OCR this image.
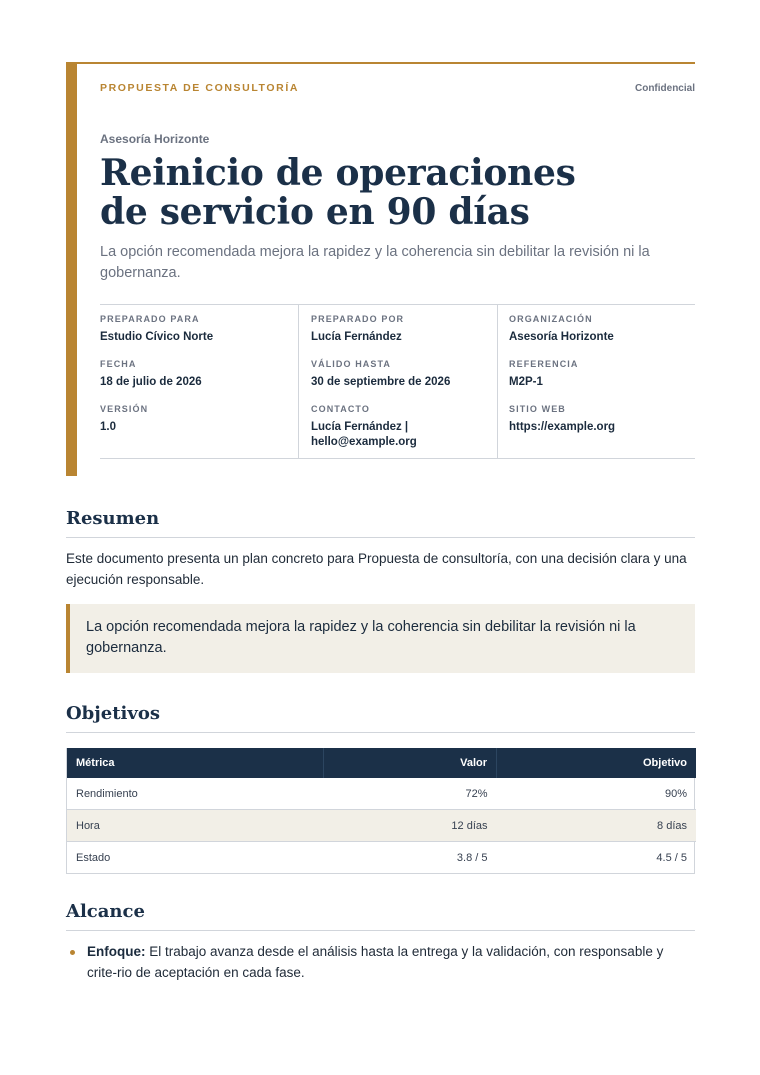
PROPUESTA DE CONSULTORÍA	Confidencial
Asesoría Horizonte
Reinicio de operaciones
de servicio en 90 días
La opción recomendada mejora la rapidez y la coherencia sin debilitar la revisión ni la gobernanza.
PREPARADO PARA
Estudio Cívico Norte
FECHA
18 de julio de 2026
VERSIÓN
1.0
PREPARADO POR
Lucía Fernández
VÁLIDO HASTA
30 de septiembre de 2026
CONTACTO
Lucía Fernández |
hello@example.org
ORGANIZACIÓN
Asesoría Horizonte
REFERENCIA
M2P-1
SITIO WEB
https://example.org
Resumen
Este documento presenta un plan concreto para Propuesta de consultoría, con una decisión clara y una ejecución responsable.
La opción recomendada mejora la rapidez y la coherencia sin debilitar la revisión ni la gobernanza.
Objetivos
Métrica	Valor	Objetivo
Rendimiento	72%	90%
Hora	12 días	8 días
Estado	3.8 / 5	4.5 / 5
Alcance
Enfoque: El trabajo avanza desde el análisis hasta la entrega y la validación, con responsable y crite-rio de aceptación en cada fase.
